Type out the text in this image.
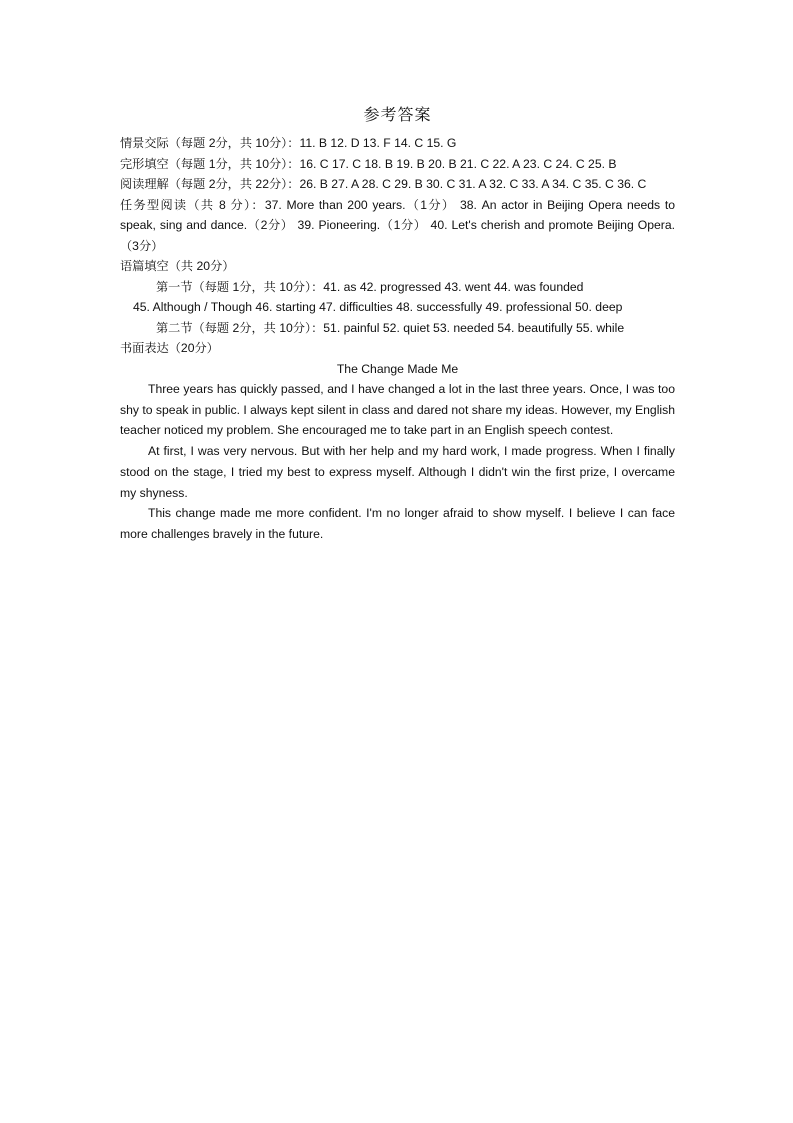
参考答案
情景交际（每题 2分，共 10分）：11. B 12. D 13. F 14. C 15. G
完形填空（每题 1分，共 10分）：16. C 17. C 18. B 19. B 20. B 21. C 22. A 23. C 24. C 25. B
阅读理解（每题 2分，共 22分）：26. B 27. A 28. C 29. B 30. C 31. A 32. C 33. A 34. C 35. C 36. C
任务型阅读（共 8 分）：37. More than 200 years.（1分） 38. An actor in Beijing Opera needs to speak, sing and dance.（2分） 39. Pioneering.（1分） 40. Let's cherish and promote Beijing Opera.（3分）
语篇填空（共 20分）
第一节（每题 1分，共 10分）：41. as 42. progressed 43. went 44. was founded
45. Although / Though 46. starting 47. difficulties 48. successfully 49. professional 50. deep
第二节（每题 2分，共 10分）：51. painful 52. quiet 53. needed 54. beautifully 55. while
书面表达（20分）
The Change Made Me

Three years has quickly passed, and I have changed a lot in the last three years. Once, I was too shy to speak in public. I always kept silent in class and dared not share my ideas. However, my English teacher noticed my problem. She encouraged me to take part in an English speech contest.

At first, I was very nervous. But with her help and my hard work, I made progress. When I finally stood on the stage, I tried my best to express myself. Although I didn't win the first prize, I overcame my shyness.

This change made me more confident. I'm no longer afraid to show myself. I believe I can face more challenges bravely in the future.
